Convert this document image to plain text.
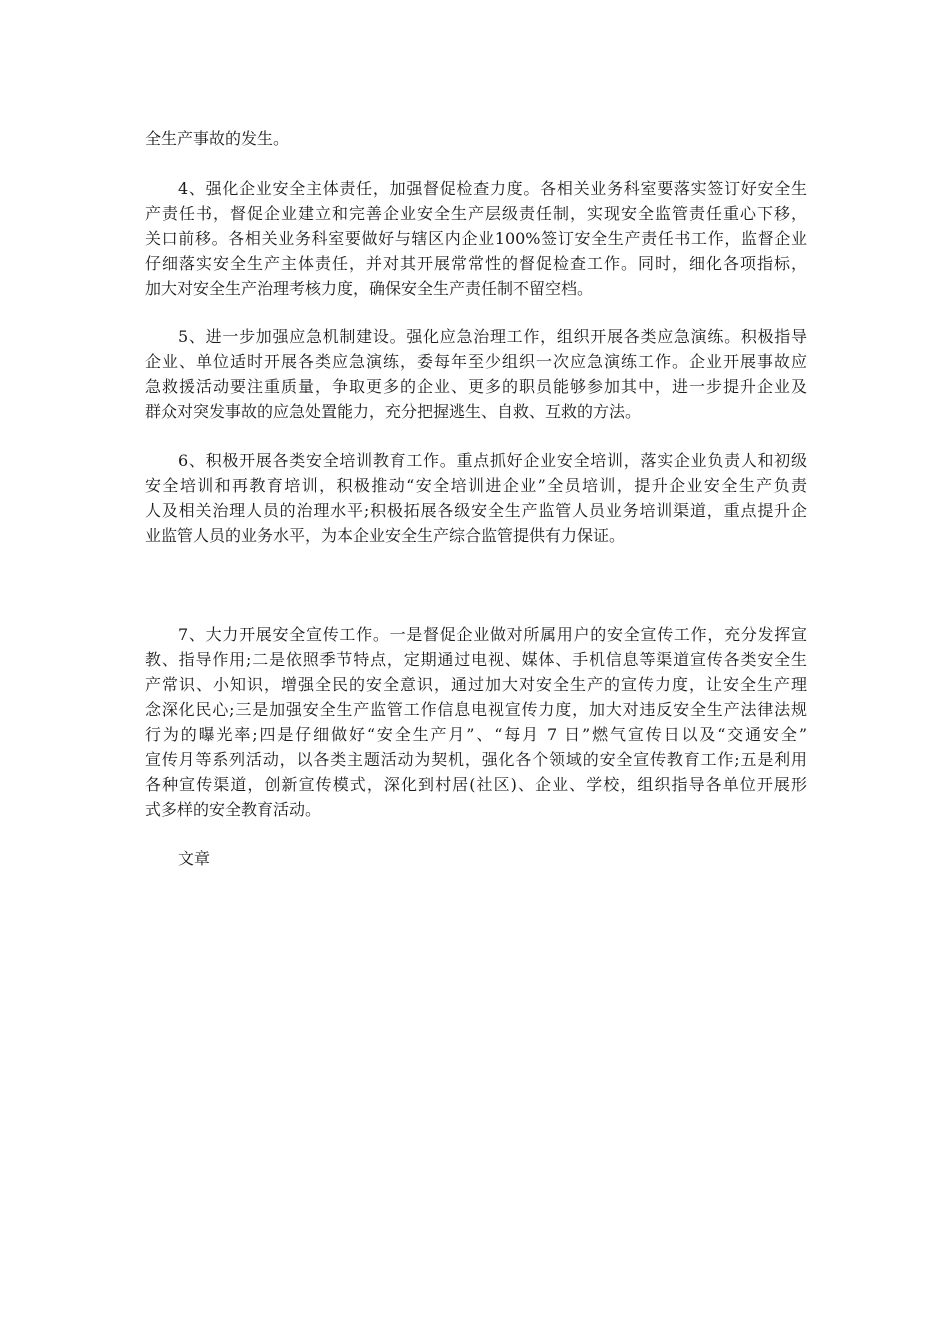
全生产事故的发生。
4、强化企业安全主体责任，加强督促检查力度。各相关业务科室要落实签订好安全生
产责任书，督促企业建立和完善企业安全生产层级责任制，实现安全监管责任重心下移，
关口前移。各相关业务科室要做好与辖区内企业100%签订安全生产责任书工作，监督企业
仔细落实安全生产主体责任，并对其开展常常性的督促检查工作。同时，细化各项指标，
加大对安全生产治理考核力度，确保安全生产责任制不留空档。
5、进一步加强应急机制建设。强化应急治理工作，组织开展各类应急演练。积极指导
企业、单位适时开展各类应急演练，委每年至少组织一次应急演练工作。企业开展事故应
急救援活动要注重质量，争取更多的企业、更多的职员能够参加其中，进一步提升企业及
群众对突发事故的应急处置能力，充分把握逃生、自救、互救的方法。
6、积极开展各类安全培训教育工作。重点抓好企业安全培训，落实企业负责人和初级
安全培训和再教育培训，积极推动“安全培训进企业”全员培训，提升企业安全生产负责
人及相关治理人员的治理水平;积极拓展各级安全生产监管人员业务培训渠道，重点提升企
业监管人员的业务水平，为本企业安全生产综合监管提供有力保证。
7、大力开展安全宣传工作。一是督促企业做对所属用户的安全宣传工作，充分发挥宣
教、指导作用;二是依照季节特点，定期通过电视、媒体、手机信息等渠道宣传各类安全生
产常识、小知识，增强全民的安全意识，通过加大对安全生产的宣传力度，让安全生产理
念深化民心;三是加强安全生产监管工作信息电视宣传力度，加大对违反安全生产法律法规
行为的曝光率;四是仔细做好“安全生产月”、“每月 7 日”燃气宣传日以及“交通安全”
宣传月等系列活动，以各类主题活动为契机，强化各个领域的安全宣传教育工作;五是利用
各种宣传渠道，创新宣传模式，深化到村居(社区)、企业、学校，组织指导各单位开展形
式多样的安全教育活动。
文章
